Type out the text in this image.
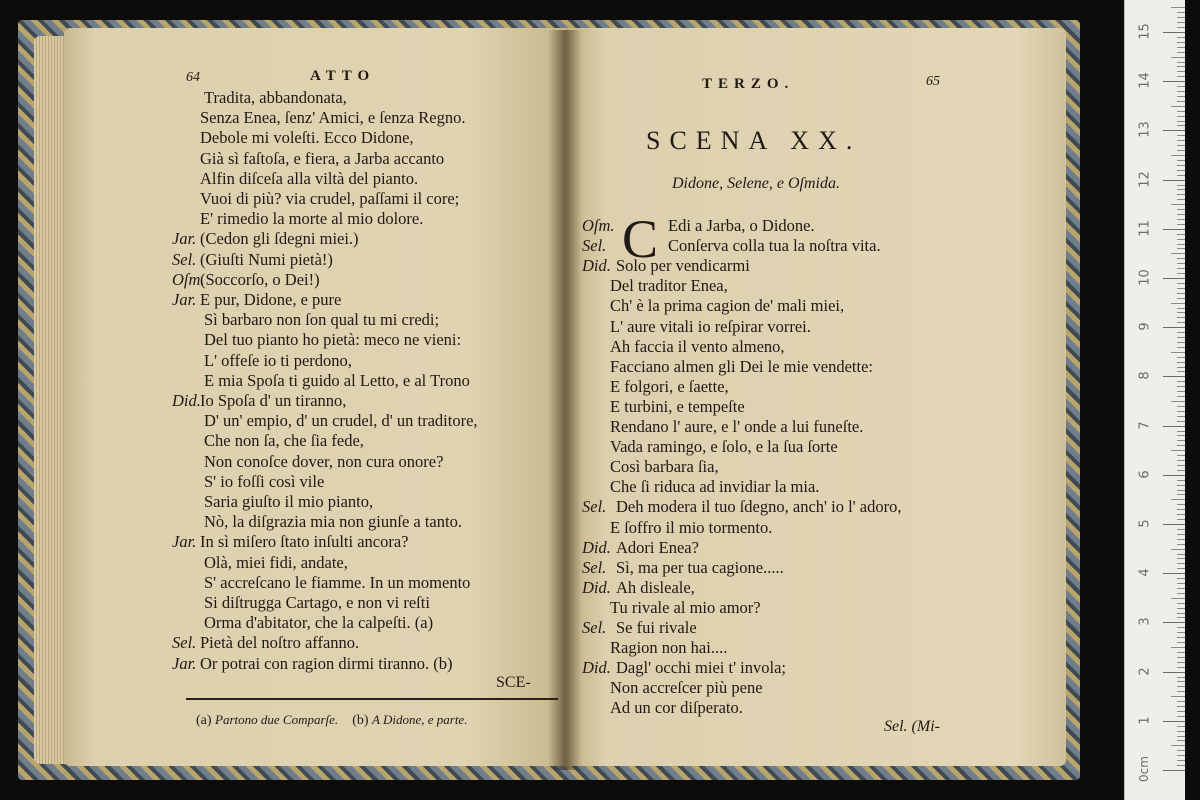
64	ATTO
Tradita, abbandonata,
Senza Enea, ſenz' Amici, e ſenza Regno.
Debole mi voleſti. Ecco Didone,
Già sì faſtoſa, e fiera, a Jarba accanto
Alfin diſceſa alla viltà del pianto.
Vuoi di più? via crudel, paſſami il core;
E' rimedio la morte al mio dolore.
Jar. (Cedon gli ſdegni miei.)
Sel. (Giuſti Numi pietà!)
Oſm.
(Soccorſo, o Dei!)
Jar. E pur, Didone, e pure
Sì barbaro non ſon qual tu mi credi;
Del tuo pianto ho pietà: meco ne vieni:
L' offeſe io ti perdono,
E mia Spoſa ti guido al Letto, e al Trono
Did. Io Spoſa d' un tiranno,
D' un' empio, d' un crudel, d' un traditore,
Che non ſa, che ſia fede,
Non conoſce dover, non cura onore?
S' io foſſi così vile
Saria giuſto il mio pianto,
Nò, la diſgrazia mia non giunſe a tanto.
Jar. In sì miſero ſtato inſulti ancora?
Olà, miei fidi, andate,
S' accreſcano le fiamme. In un momento
Si diſtrugga Cartago, e non vi reſti
Orma d'abitator, che la calpeſti. (a)
Sel. Pietà del noſtro affanno.
Jar. Or potrai con ragion dirmi tiranno. (b)
SCE-
(a) Partono due Comparſe. (b) A Didone, e parte.
TERZO.	65
SCENA XX.
Didone, Selene, e Oſmida.
C
Oſm.	Edi a Jarba, o Didone.
Sel.	Conſerva colla tua la noſtra vita.
Did. Solo per vendicarmi
Del traditor Enea,
Ch' è la prima cagion de' mali miei,
L' aure vitali io reſpirar vorrei.
Ah faccia il vento almeno,
Facciano almen gli Dei le mie vendette:
E folgori, e ſaette,
E turbini, e tempeſte
Rendano l' aure, e l' onde a lui funeſte.
Vada ramingo, e ſolo, e la ſua ſorte
Così barbara ſia,
Che ſi riduca ad invidiar la mia.
Sel. Deh modera il tuo ſdegno, anch' io l' adoro,
E ſoffro il mio tormento.
Did. Adori Enea?
Sel. Sì, ma per tua cagione.....
Did. Ah disleale,
Tu rivale al mio amor?
Sel. Se fui rivale
Ragion non hai....
Did. Dagl' occhi miei t' invola;
Non accreſcer più pene
Ad un cor diſperato.
Sel. (Mi-
0cm
1
2
3
4
5
6
7
8
9
10
11
12
13
14
15
